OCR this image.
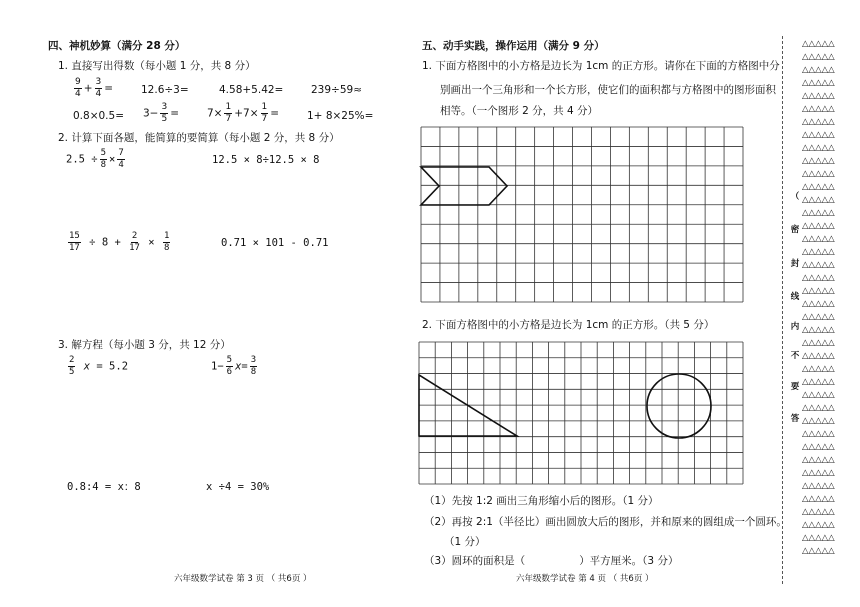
四、神机妙算（满分 28 分）
1. 直接写出得数（每小题 1 分，共 8 分）
$\frac{9}{4} + \frac{3}{4}$ =	12.6÷3=	4.58+5.42=	239÷59≈
$0.8\times 0.5= 3- \frac{3}{5}$ =	$7\times \frac{1}{7} +7\times \frac{1}{7}$ =	1+ 8×25%=
2. 计算下面各题，能简算的要简算（每小题 2 分，共 8 分）
$2.5 \div \frac{5}{8} \times \frac{7}{4}$	12.5 × 8÷12.5 × 8
$\frac{15}{17} \div 8 + \frac{2}{17} \times \frac{1}{8}$	0.71 × 101 - 0.71
3. 解方程（每小题 3 分，共 12 分）
$\frac{2}{5}$ x = 5.2	$1- \frac{5}{6} x= \frac{3}{8}$
0.8:4 = x：8	x ÷4 = 30%
六年级数学试卷 第 3 页 （ 共6页 ）
五、动手实践，操作运用（满分 9 分）
1. 下面方格图中的小方格是边长为 1cm 的正方形。请你在下面的方格图中分
别画出一个三角形和一个长方形，使它们的面积都与方格图中的图形面积
相等。（一个图形 2 分，共 4 分）
2. 下面方格图中的小方格是边长为 1cm 的正方形。（共 5 分）
（1）先按 1:2 画出三角形缩小后的图形。（1 分）
（2）再按 2:1（半径比）画出圆放大后的图形，并和原来的圆组成一个圆环。
（1 分）
（3）圆环的面积是（	）平方厘米。（3 分）
六年级数学试卷 第 4 页 （ 共6页 ）
（
密
封
线
内
不
要
答
△△△△△
△△△△△
△△△△△
△△△△△
△△△△△
△△△△△
△△△△△
△△△△△
△△△△△
△△△△△
△△△△△
△△△△△
△△△△△
△△△△△
△△△△△
△△△△△
△△△△△
△△△△△
△△△△△
△△△△△
△△△△△
△△△△△
△△△△△
△△△△△
△△△△△
△△△△△
△△△△△
△△△△△
△△△△△
△△△△△
△△△△△
△△△△△
△△△△△
△△△△△
△△△△△
△△△△△
△△△△△
△△△△△
△△△△△
△△△△△
